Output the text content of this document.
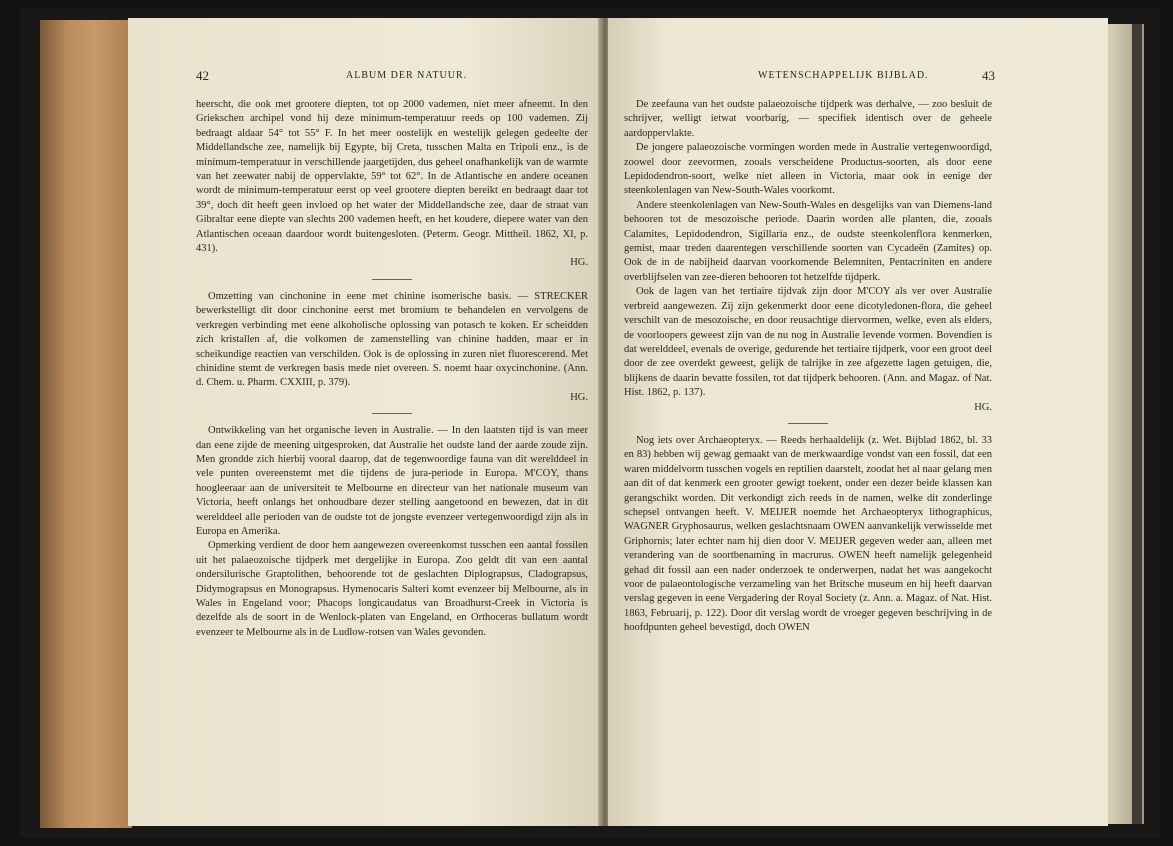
42	ALBUM DER NATUUR.

heerscht, die ook met grootere diepten, tot op 2000 vademen, niet meer afneemt. In den Griekschen archipel vond hij deze minimum-temperatuur reeds op 100 vademen. Zij bedraagt aldaar 54° tot 55° F. In het meer oostelijk en westelijk gelegen gedeelte der Middellandsche zee, namelijk bij Egypte, bij Creta, tusschen Malta en Tripoli enz., is de minimum-temperatuur in verschillende jaargetijden, dus geheel onafhankelijk van de warmte van het zeewater nabij de oppervlakte, 59° tot 62°. In de Atlantische en andere oceanen wordt de minimum-temperatuur eerst op veel grootere diepten bereikt en bedraagt daar tot 39°, doch dit heeft geen invloed op het water der Middellandsche zee, daar de straat van Gibraltar eene diepte van slechts 200 vademen heeft, en het koudere, diepere water van den Atlantischen oceaan daardoor wordt buitengesloten. (Peterm. Geogr. Mittheil. 1862, XI, p. 431).

HG.

Omzetting van cinchonine in eene met chinine isomerische basis. — STRECKER bewerkstelligt dit door cinchonine eerst met bromium te behandelen en vervolgens de verkregen verbinding met eene alkoholische oplossing van potasch te koken. Er scheidden zich kristallen af, die volkomen de zamenstelling van chinine hadden, maar er in scheikundige reactien van verschilden. Ook is de oplossing in zuren niet fluorescerend. Met chinidine stemt de verkregen basis mede niet overeen. S. noemt haar oxycinchonine. (Ann. d. Chem. u. Pharm. CXXIII, p. 379).

HG.

Ontwikkeling van het organische leven in Australie. — In den laatsten tijd is van meer dan eene zijde de meening uitgesproken, dat Australie het oudste land der aarde zoude zijn. Men grondde zich hierbij vooral daarop, dat de tegenwoordige fauna van dit werelddeel in vele punten overeenstemt met die tijdens de jura-periode in Europa. M'COY, thans hoogleeraar aan de universiteit te Melbourne en directeur van het nationale museum van Victoria, heeft onlangs het onhoudbare dezer stelling aangetoond en bewezen, dat in dit werelddeel alle perioden van de oudste tot de jongste evenzeer vertegenwoordigd zijn als in Europa en Amerika.

Opmerking verdient de door hem aangewezen overeenkomst tusschen een aantal fossilen uit het palaeozoische tijdperk met dergelijke in Europa. Zoo geldt dit van een aantal ondersilurische Graptolithen, behoorende tot de geslachten Diplograpsus, Cladograpsus, Didymograpsus en Monograpsus. Hymenocaris Salteri komt evenzeer bij Melbourne, als in Wales in Engeland voor; Phacops longicaudatus van Broadhurst-Creek in Victoria is dezelfde als de soort in de Wenlock-platen van Engeland, en Orthoceras bullatum wordt evenzeer te Melbourne als in de Ludlow-rotsen van Wales gevonden.

WETENSCHAPPELIJK BIJBLAD.	43

De zeefauna van het oudste palaeozoische tijdperk was derhalve, — zoo besluit de schrijver, welligt ietwat voorbarig, — specifiek identisch over de geheele aardoppervlakte.

De jongere palaeozoische vormingen worden mede in Australie vertegenwoordigd, zoowel door zeevormen, zooals verscheidene Productus-soorten, als door eene Lepidodendron-soort, welke niet alleen in Victoria, maar ook in eenige der steenkolenlagen van New-South-Wales voorkomt.

Andere steenkolenlagen van New-South-Wales en desgelijks van van Diemens-land behooren tot de mesozoische periode. Daarin worden alle planten, die, zooals Calamites, Lepidodendron, Sigillaria enz., de oudste steenkolenflora kenmerken, gemist, maar treden daarentegen verschillende soorten van Cycadeën (Zamites) op. Ook de in de nabijheid daarvan voorkomende Belemniten, Pentacriniten en andere overblijfselen van zee-dieren behooren tot hetzelfde tijdperk.

Ook de lagen van het tertiaire tijdvak zijn door M'COY als ver over Australie verbreid aangewezen. Zij zijn gekenmerkt door eene dicotyledonen-flora, die geheel verschilt van de mesozoische, en door reusachtige diervormen, welke, even als elders, de voorloopers geweest zijn van de nu nog in Australie levende vormen. Bovendien is dat werelddeel, evenals de overige, gedurende het tertiaire tijdperk, voor een groot deel door de zee overdekt geweest, gelijk de talrijke in zee afgezette lagen getuigen, die, blijkens de daarin bevatte fossilen, tot dat tijdperk behooren. (Ann. and Magaz. of Nat. Hist. 1862, p. 137).

HG.

Nog iets over Archaeopteryx. — Reeds herhaaldelijk (z. Wet. Bijblad 1862, bl. 33 en 83) hebben wij gewag gemaakt van de merkwaardige vondst van een fossil, dat een waren middelvorm tusschen vogels en reptilien daarstelt, zoodat het al naar gelang men aan dit of dat kenmerk een grooter gewigt toekent, onder een dezer beide klassen kan gerangschikt worden. Dit verkondigt zich reeds in de namen, welke dit zonderlinge schepsel ontvangen heeft. V. MEIJER noemde het Archaeopteryx lithographicus, WAGNER Gryphosaurus, welken geslachtsnaam OWEN aanvankelijk verwisselde met Griphornis; later echter nam hij dien door V. MEIJER gegeven weder aan, alleen met verandering van de soortbenaming in macrurus. OWEN heeft namelijk gelegenheid gehad dit fossil aan een nader onderzoek te onderwerpen, nadat het was aangekocht voor de palaeontologische verzameling van het Britsche museum en hij heeft daarvan verslag gegeven in eene Vergadering der Royal Society (z. Ann. a. Magaz. of Nat. Hist. 1863, Februarij, p. 122). Door dit verslag wordt de vroeger gegeven beschrijving in de hoofdpunten geheel bevestigd, doch OWEN
